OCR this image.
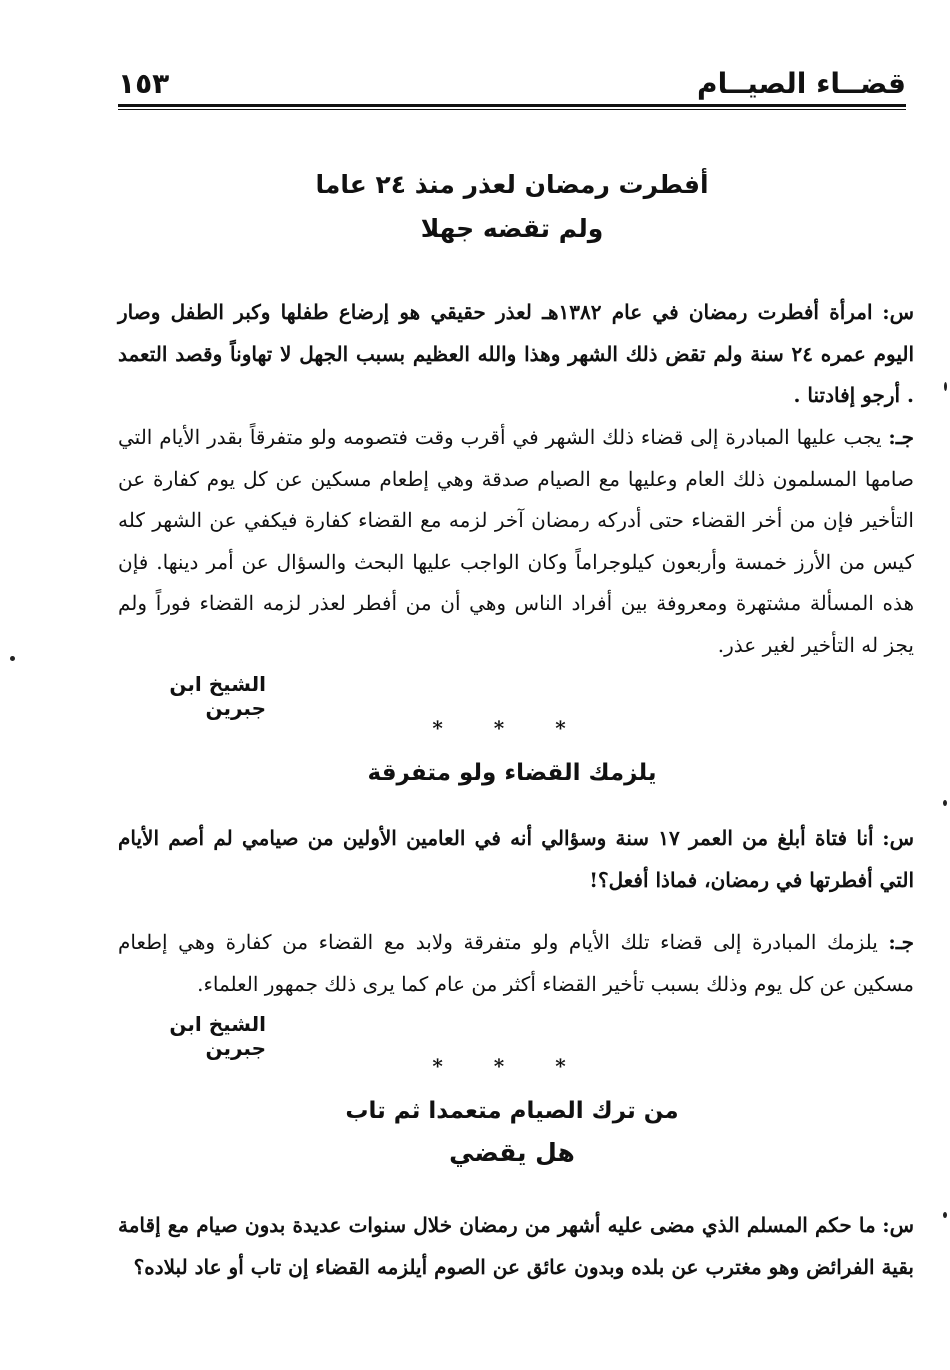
١٥٣	قضــاء الصيــام
أفطرت رمضان لعذر منذ ٢٤ عاما
ولم تقضه جهلا
س: امرأة أفطرت رمضان في عام ١٣٨٢هـ لعذر حقيقي هو إرضاع طفلها وكبر الطفل وصار اليوم عمره ٢٤ سنة ولم تقض ذلك الشهر وهذا والله العظيم بسبب الجهل لا تهاوناً وقصد التعمد . أرجو إفادتنا .
جـ: يجب عليها المبادرة إلى قضاء ذلك الشهر في أقرب وقت فتصومه ولو متفرقاً بقدر الأيام التي صامها المسلمون ذلك العام وعليها مع الصيام صدقة وهي إطعام مسكين عن كل يوم كفارة عن التأخير فإن من أخر القضاء حتى أدركه رمضان آخر لزمه مع القضاء كفارة فيكفي عن الشهر كله كيس من الأرز خمسة وأربعون كيلوجراماً وكان الواجب عليها البحث والسؤال عن أمر دينها. فإن هذه المسألة مشتهرة ومعروفة بين أفراد الناس وهي أن من أفطر لعذر لزمه القضاء فوراً ولم يجز له التأخير لغير عذر.
الشيخ ابن جبرين
* * *
يلزمك القضاء ولو متفرقة
س: أنا فتاة أبلغ من العمر ١٧ سنة وسؤالي أنه في العامين الأولين من صيامي لم أصم الأيام التي أفطرتها في رمضان، فماذا أفعل؟!
جـ: يلزمك المبادرة إلى قضاء تلك الأيام ولو متفرقة ولابد مع القضاء من كفارة وهي إطعام مسكين عن كل يوم وذلك بسبب تأخير القضاء أكثر من عام كما يرى ذلك جمهور العلماء.
الشيخ ابن جبرين
* * *
من ترك الصيام متعمدا ثم تاب
هل يقضي
س: ما حكم المسلم الذي مضى عليه أشهر من رمضان خلال سنوات عديدة بدون صيام مع إقامة بقية الفرائض وهو مغترب عن بلده وبدون عائق عن الصوم أيلزمه القضاء إن تاب أو عاد لبلاده؟
